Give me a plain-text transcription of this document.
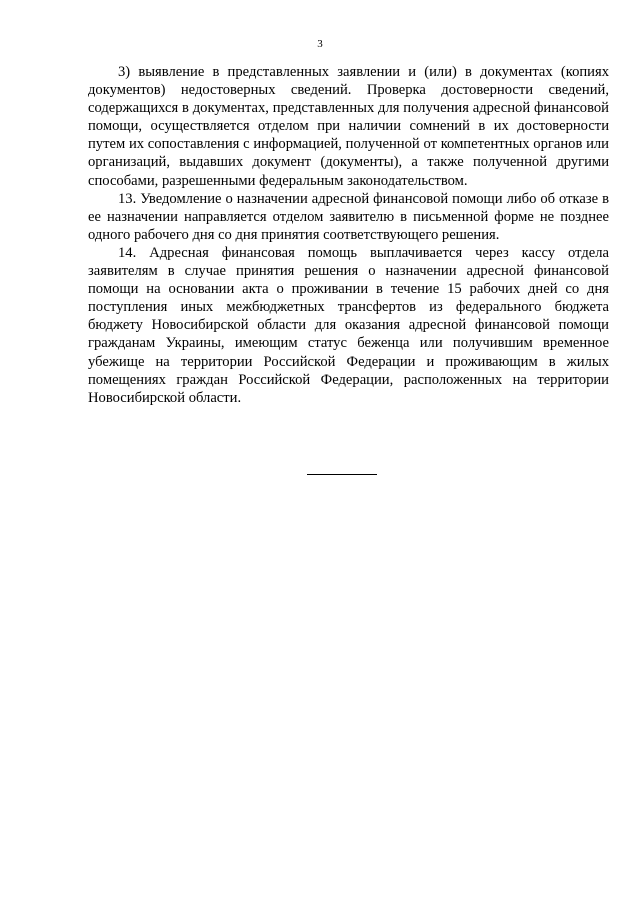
3

3) выявление в представленных заявлении и (или) в документах (копиях документов) недостоверных сведений. Проверка достоверности сведений, содержащихся в документах, представленных для получения адресной финансовой помощи, осуществляется отделом при наличии сомнений в их достоверности путем их сопоставления с информацией, полученной от компетентных органов или организаций, выдавших документ (документы), а также полученной другими способами, разрешенными федеральным законодательством.

13. Уведомление о назначении адресной финансовой помощи либо об отказе в ее назначении направляется отделом заявителю в письменной форме не позднее одного рабочего дня со дня принятия соответствующего решения.

14. Адресная финансовая помощь выплачивается через кассу отдела заявителям в случае принятия решения о назначении адресной финансовой помощи на основании акта о проживании в течение 15 рабочих дней со дня поступления иных межбюджетных трансфертов из федерального бюджета бюджету Новосибирской области для оказания адресной финансовой помощи гражданам Украины, имеющим статус беженца или получившим временное убежище на территории Российской Федерации и проживающим в жилых помещениях граждан Российской Федерации, расположенных на территории Новосибирской области.
